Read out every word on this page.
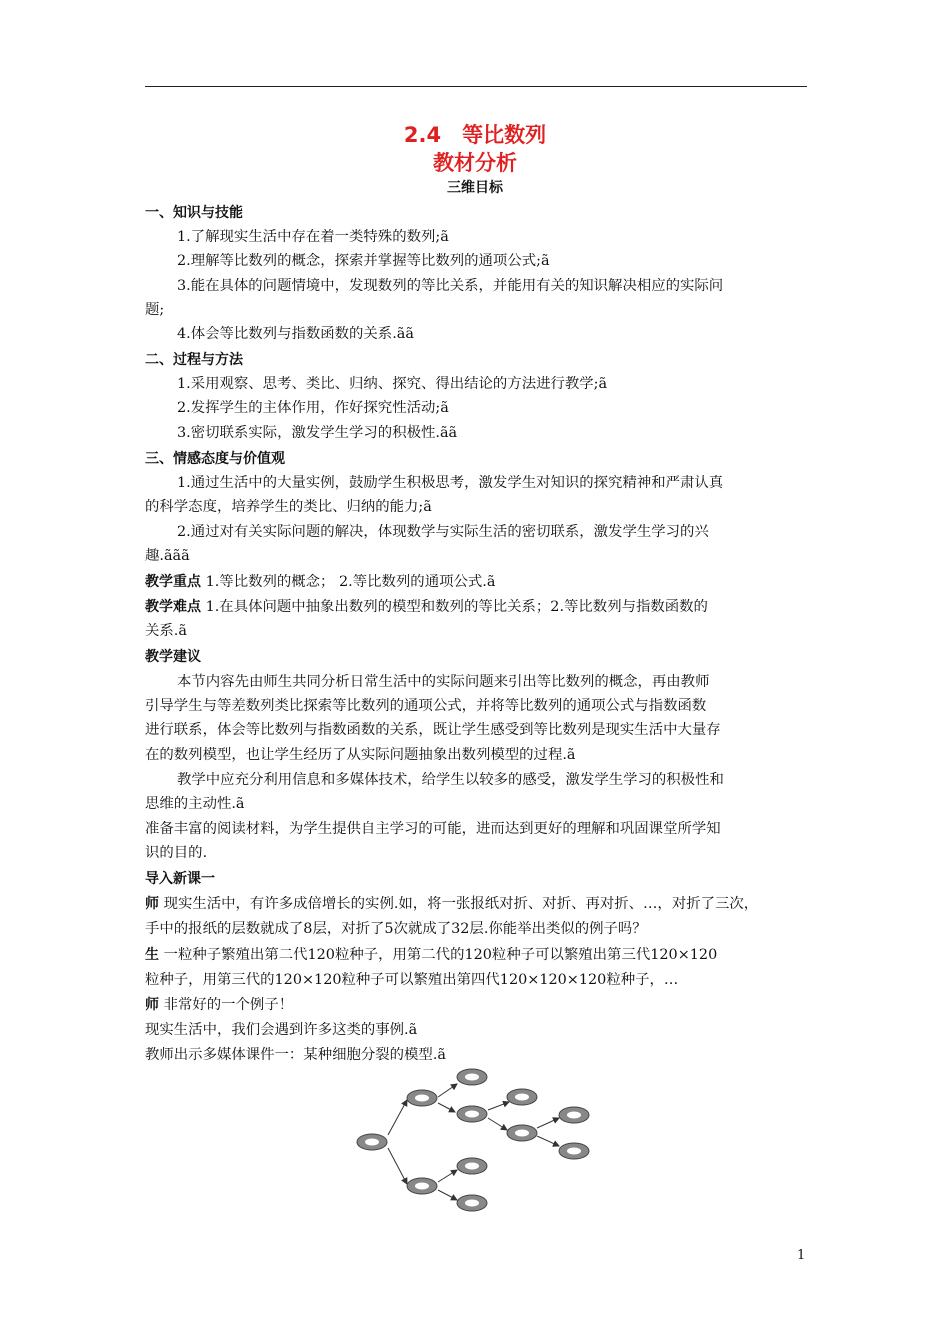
2.4　等比数列
教材分析
三维目标
一、知识与技能
1.了解现实生活中存在着一类特殊的数列;ã
2.理解等比数列的概念，探索并掌握等比数列的通项公式;ã
3.能在具体的问题情境中，发现数列的等比关系，并能用有关的知识解决相应的实际问
题;
4.体会等比数列与指数函数的关系.ãã
二、过程与方法
1.采用观察、思考、类比、归纳、探究、得出结论的方法进行教学;ã
2.发挥学生的主体作用，作好探究性活动;ã
3.密切联系实际，激发学生学习的积极性.ãã
三、情感态度与价值观
1.通过生活中的大量实例，鼓励学生积极思考，激发学生对知识的探究精神和严肃认真
的科学态度，培养学生的类比、归纳的能力;ã
2.通过对有关实际问题的解决，体现数学与实际生活的密切联系，激发学生学习的兴
趣.ããã
教学重点 1.等比数列的概念； 2.等比数列的通项公式.ã
教学难点 1.在具体问题中抽象出数列的模型和数列的等比关系；2.等比数列与指数函数的
关系.ã
教学建议
本节内容先由师生共同分析日常生活中的实际问题来引出等比数列的概念，再由教师
引导学生与等差数列类比探索等比数列的通项公式，并将等比数列的通项公式与指数函数
进行联系，体会等比数列与指数函数的关系，既让学生感受到等比数列是现实生活中大量存
在的数列模型，也让学生经历了从实际问题抽象出数列模型的过程.ã
教学中应充分利用信息和多媒体技术，给学生以较多的感受，激发学生学习的积极性和
思维的主动性.ã
准备丰富的阅读材料，为学生提供自主学习的可能，进而达到更好的理解和巩固课堂所学知
识的目的.
导入新课一
师 现实生活中，有许多成倍增长的实例.如，将一张报纸对折、对折、再对折、…，对折了三次，
手中的报纸的层数就成了8层，对折了5次就成了32层.你能举出类似的例子吗？
生 一粒种子繁殖出第二代120粒种子，用第二代的120粒种子可以繁殖出第三代120×120
粒种子，用第三代的120×120粒种子可以繁殖出第四代120×120×120粒种子，…
师 非常好的一个例子！
现实生活中，我们会遇到许多这类的事例.ã
教师出示多媒体课件一：某种细胞分裂的模型.ã
1
